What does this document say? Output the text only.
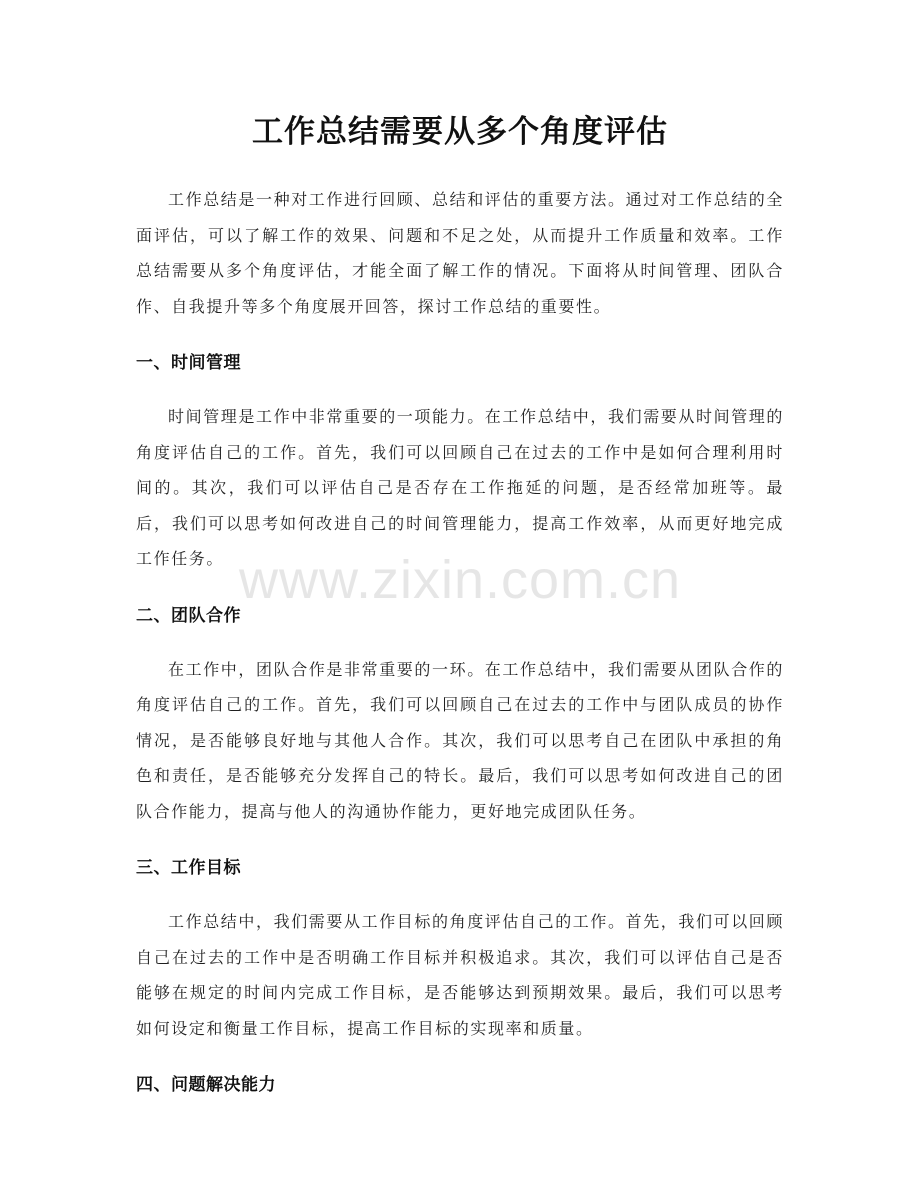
工作总结需要从多个角度评估

工作总结是一种对工作进行回顾、总结和评估的重要方法。通过对工作总结的全面评估，可以了解工作的效果、问题和不足之处，从而提升工作质量和效率。工作总结需要从多个角度评估，才能全面了解工作的情况。下面将从时间管理、团队合作、自我提升等多个角度展开回答，探讨工作总结的重要性。

一、时间管理

时间管理是工作中非常重要的一项能力。在工作总结中，我们需要从时间管理的角度评估自己的工作。首先，我们可以回顾自己在过去的工作中是如何合理利用时间的。其次，我们可以评估自己是否存在工作拖延的问题，是否经常加班等。最后，我们可以思考如何改进自己的时间管理能力，提高工作效率，从而更好地完成工作任务。

二、团队合作

在工作中，团队合作是非常重要的一环。在工作总结中，我们需要从团队合作的角度评估自己的工作。首先，我们可以回顾自己在过去的工作中与团队成员的协作情况，是否能够良好地与其他人合作。其次，我们可以思考自己在团队中承担的角色和责任，是否能够充分发挥自己的特长。最后，我们可以思考如何改进自己的团队合作能力，提高与他人的沟通协作能力，更好地完成团队任务。

三、工作目标

工作总结中，我们需要从工作目标的角度评估自己的工作。首先，我们可以回顾自己在过去的工作中是否明确工作目标并积极追求。其次，我们可以评估自己是否能够在规定的时间内完成工作目标，是否能够达到预期效果。最后，我们可以思考如何设定和衡量工作目标，提高工作目标的实现率和质量。

四、问题解决能力
www.zixin.com.cn
